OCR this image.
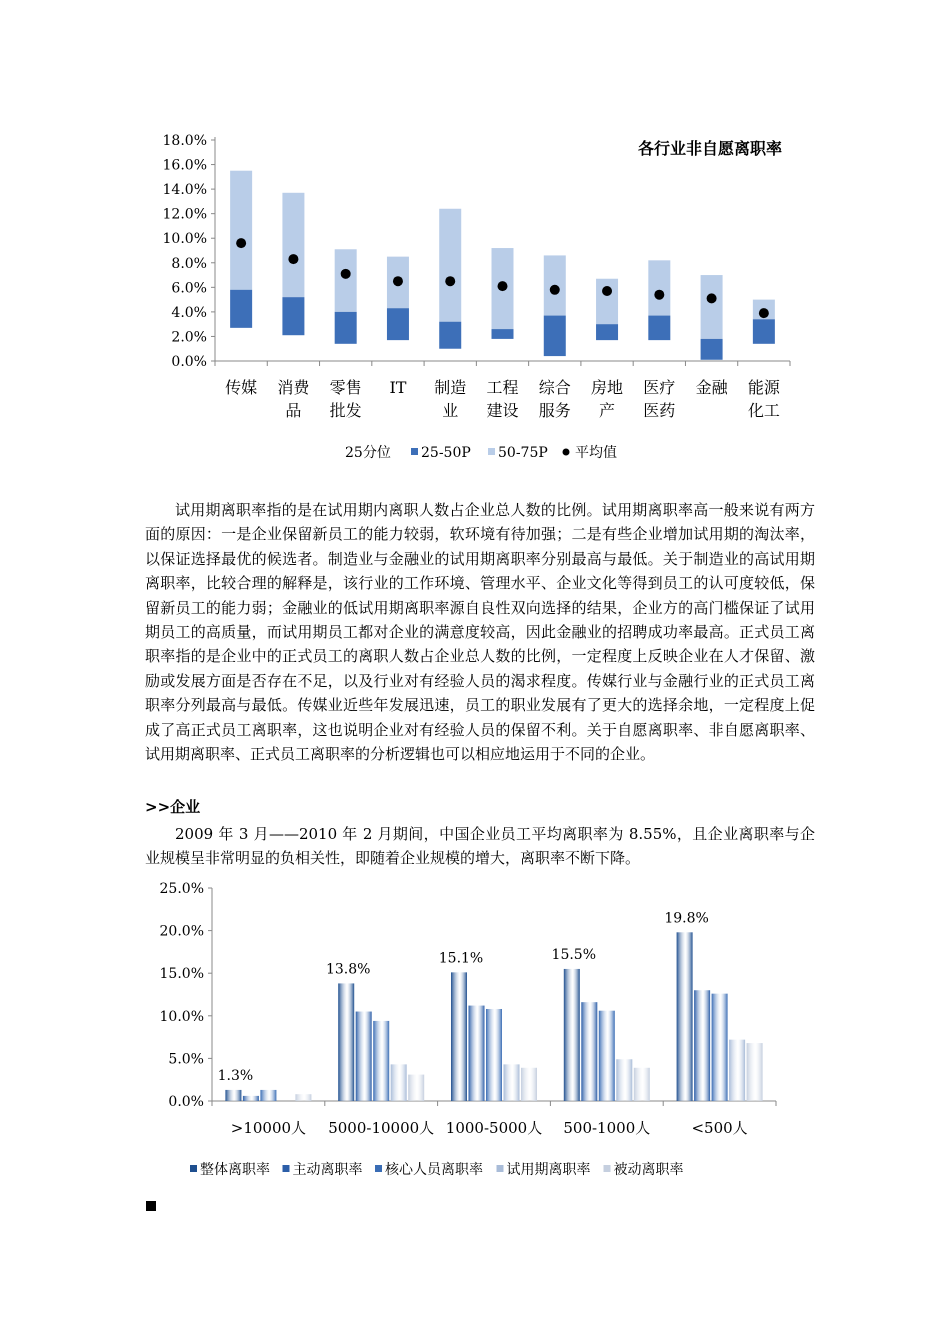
0.0%
2.0%
4.0%
6.0%
8.0%
10.0%
12.0%
14.0%
16.0%
18.0%
传媒 消费
品
零售
批发
IT 制造
业
工程
建设
综合
服务
房地
产
医疗
医药
金融 能源
化工
各行业非自愿离职率
25分位 25-50P 50-75P 平均值
试用期离职率指的是在试用期内离职人数占企业总人数的比例。试用期离职率高一般来说有两方面的原因：一是企业保留新员工的能力较弱，软环境有待加强；二是有些企业增加试用期的淘汰率，以保证选择最优的候选者。制造业与金融业的试用期离职率分别最高与最低。关于制造业的高试用期离职率，比较合理的解释是，该行业的工作环境、管理水平、企业文化等得到员工的认可度较低，保留新员工的能力弱；金融业的低试用期离职率源自良性双向选择的结果，企业方的高门槛保证了试用期员工的高质量，而试用期员工都对企业的满意度较高，因此金融业的招聘成功率最高。正式员工离职率指的是企业中的正式员工的离职人数占企业总人数的比例，一定程度上反映企业在人才保留、激励或发展方面是否存在不足，以及行业对有经验人员的渴求程度。传媒行业与金融行业的正式员工离职率分列最高与最低。传媒业近些年发展迅速，员工的职业发展有了更大的选择余地，一定程度上促成了高正式员工离职率，这也说明企业对有经验人员的保留不利。关于自愿离职率、非自愿离职率、试用期离职率、正式员工离职率的分析逻辑也可以相应地运用于不同的企业。
>>企业
2009 年 3 月——2010 年 2 月期间，中国企业员工平均离职率为 8.55%，且企业离职率与企业规模呈非常明显的负相关性，即随着企业规模的增大，离职率不断下降。
0.0%
5.0%
10.0%
15.0%
20.0%
25.0%
1.3%
>10000人
13.8%
5000-10000人
15.1%
1000-5000人
15.5%
500-1000人
19.8%
<500人
整体离职率 主动离职率 核心人员离职率 试用期离职率 被动离职率
